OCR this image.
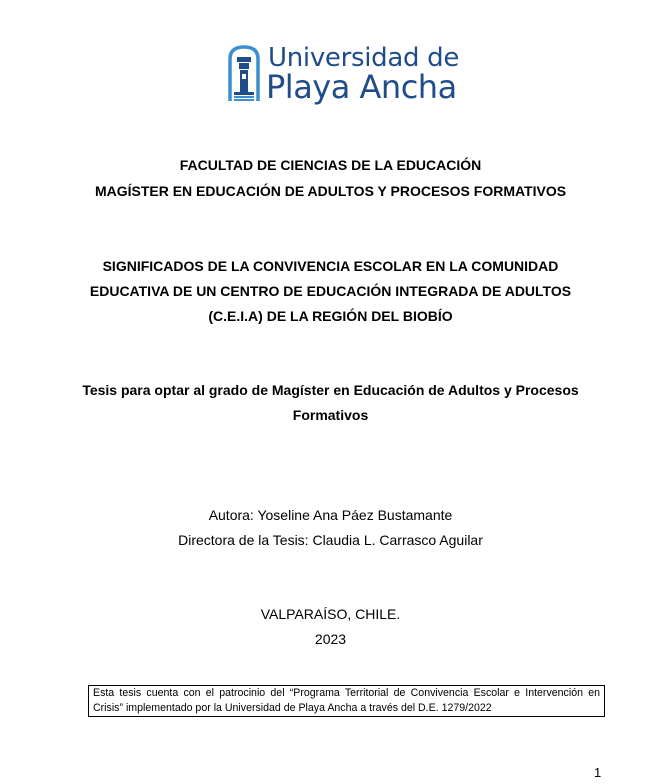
Universidad de
Playa Ancha
FACULTAD DE CIENCIAS DE LA EDUCACIÓN
MAGÍSTER EN EDUCACIÓN DE ADULTOS Y PROCESOS FORMATIVOS
SIGNIFICADOS DE LA CONVIVENCIA ESCOLAR EN LA COMUNIDAD
EDUCATIVA DE UN CENTRO DE EDUCACIÓN INTEGRADA DE ADULTOS
(C.E.I.A) DE LA REGIÓN DEL BIOBÍO
Tesis para optar al grado de Magíster en Educación de Adultos y Procesos
Formativos
Autora: Yoseline Ana Páez Bustamante
Directora de la Tesis: Claudia L. Carrasco Aguilar
VALPARAÍSO, CHILE.
2023
Esta tesis cuenta con el patrocinio del “Programa Territorial de Convivencia Escolar e Intervención en Crisis” implementado por la Universidad de Playa Ancha a través del D.E. 1279/2022
1
